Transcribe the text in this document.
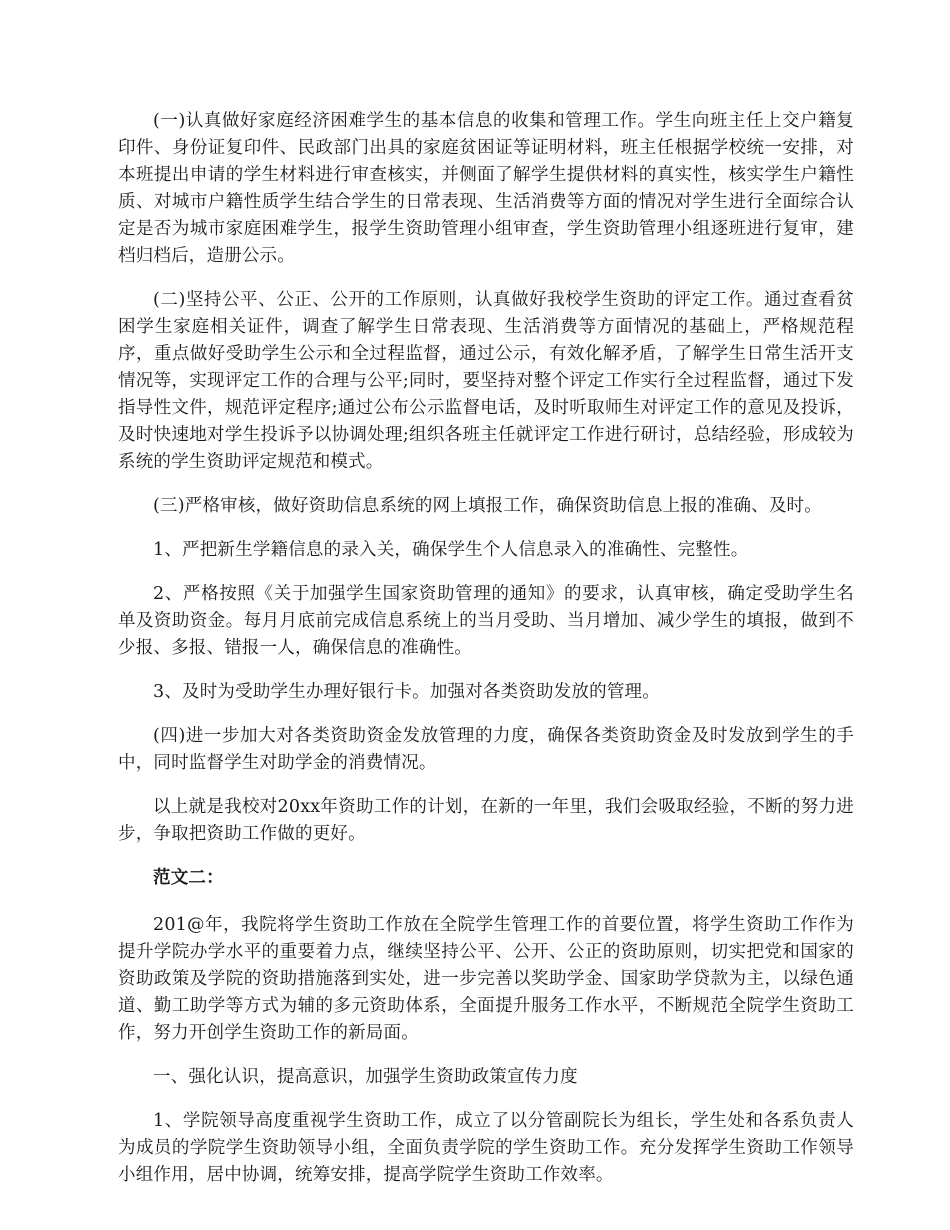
(一)认真做好家庭经济困难学生的基本信息的收集和管理工作。学生向班主任上交户籍复印件、身份证复印件、民政部门出具的家庭贫困证等证明材料，班主任根据学校统一安排，对本班提出申请的学生材料进行审查核实，并侧面了解学生提供材料的真实性，核实学生户籍性质、对城市户籍性质学生结合学生的日常表现、生活消费等方面的情况对学生进行全面综合认定是否为城市家庭困难学生，报学生资助管理小组审查，学生资助管理小组逐班进行复审，建档归档后，造册公示。

(二)坚持公平、公正、公开的工作原则，认真做好我校学生资助的评定工作。通过查看贫困学生家庭相关证件，调查了解学生日常表现、生活消费等方面情况的基础上，严格规范程序，重点做好受助学生公示和全过程监督，通过公示，有效化解矛盾，了解学生日常生活开支情况等，实现评定工作的合理与公平;同时，要坚持对整个评定工作实行全过程监督，通过下发指导性文件，规范评定程序;通过公布公示监督电话，及时听取师生对评定工作的意见及投诉，及时快速地对学生投诉予以协调处理;组织各班主任就评定工作进行研讨，总结经验，形成较为系统的学生资助评定规范和模式。

(三)严格审核，做好资助信息系统的网上填报工作，确保资助信息上报的准确、及时。

1、严把新生学籍信息的录入关，确保学生个人信息录入的准确性、完整性。

2、严格按照《关于加强学生国家资助管理的通知》的要求，认真审核，确定受助学生名单及资助资金。每月月底前完成信息系统上的当月受助、当月增加、减少学生的填报，做到不少报、多报、错报一人，确保信息的准确性。

3、及时为受助学生办理好银行卡。加强对各类资助发放的管理。

(四)进一步加大对各类资助资金发放管理的力度，确保各类资助资金及时发放到学生的手中，同时监督学生对助学金的消费情况。

以上就是我校对20xx年资助工作的计划，在新的一年里，我们会吸取经验，不断的努力进步，争取把资助工作做的更好。

范文二：

201@年，我院将学生资助工作放在全院学生管理工作的首要位置，将学生资助工作作为提升学院办学水平的重要着力点，继续坚持公平、公开、公正的资助原则，切实把党和国家的资助政策及学院的资助措施落到实处，进一步完善以奖助学金、国家助学贷款为主，以绿色通道、勤工助学等方式为辅的多元资助体系，全面提升服务工作水平，不断规范全院学生资助工作，努力开创学生资助工作的新局面。

一、强化认识，提高意识，加强学生资助政策宣传力度

1、学院领导高度重视学生资助工作，成立了以分管副院长为组长，学生处和各系负责人为成员的学院学生资助领导小组，全面负责学院的学生资助工作。充分发挥学生资助工作领导小组作用，居中协调，统筹安排，提高学院学生资助工作效率。
